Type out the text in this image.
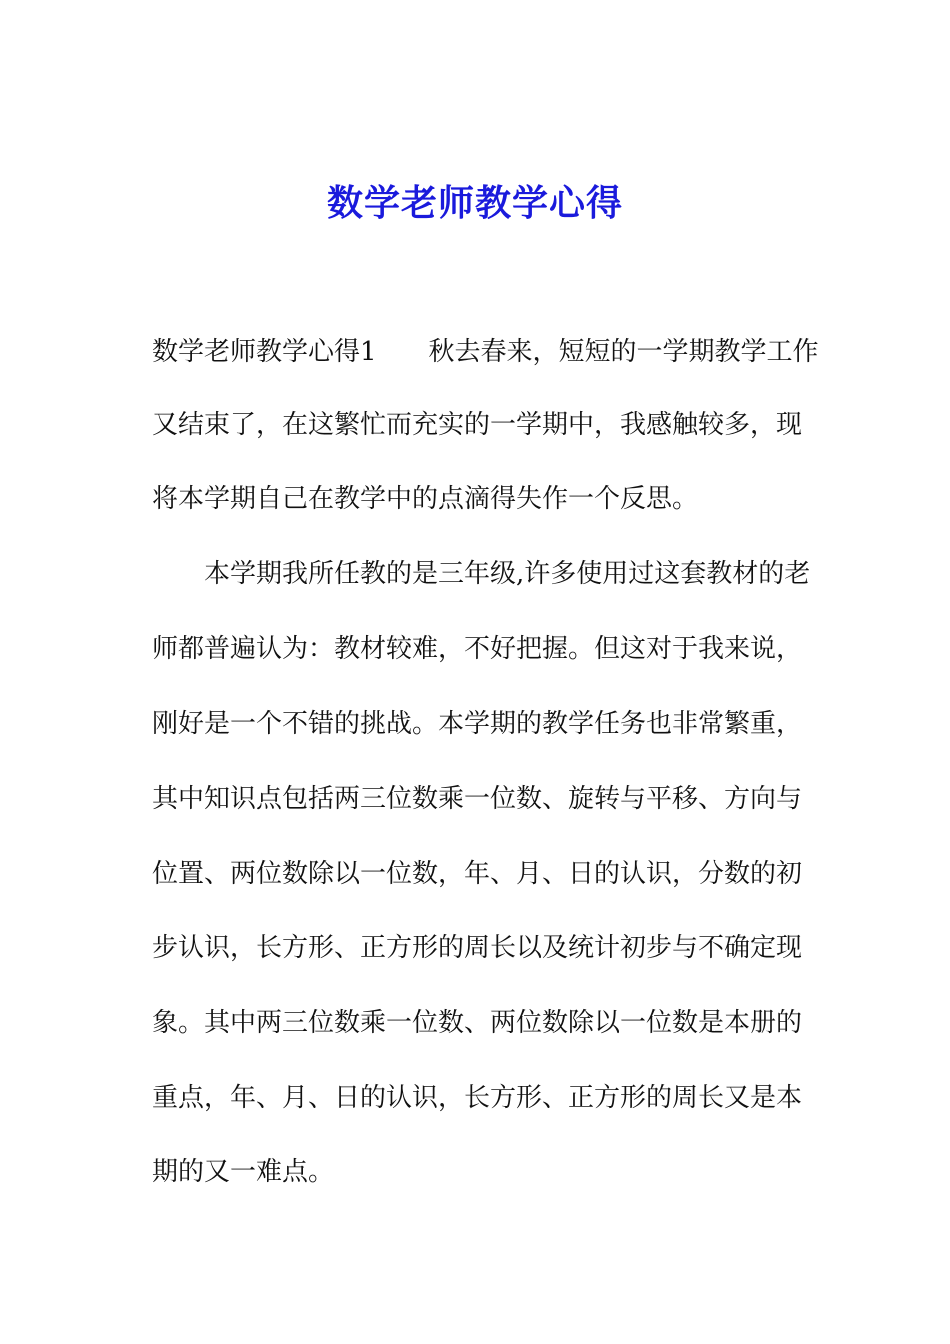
数学老师教学心得

数学老师教学心得1 秋去春来，短短的一学期教学工作

又结束了，在这繁忙而充实的一学期中，我感触较多，现

将本学期自己在教学中的点滴得失作一个反思。

本学期我所任教的是三年级,许多使用过这套教材的老

师都普遍认为：教材较难，不好把握。但这对于我来说，

刚好是一个不错的挑战。本学期的教学任务也非常繁重，

其中知识点包括两三位数乘一位数、旋转与平移、方向与

位置、两位数除以一位数，年、月、日的认识，分数的初

步认识，长方形、正方形的周长以及统计初步与不确定现

象。其中两三位数乘一位数、两位数除以一位数是本册的

重点，年、月、日的认识，长方形、正方形的周长又是本

期的又一难点。
